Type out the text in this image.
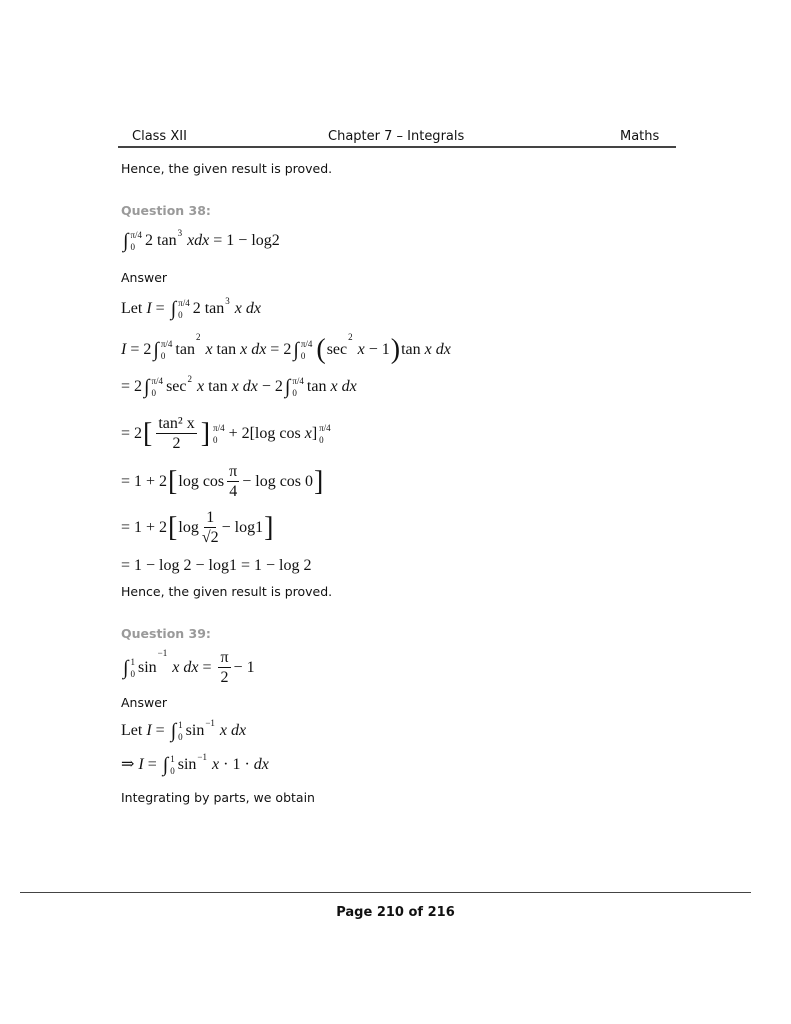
Class XII	Chapter 7 – Integrals	Maths
Hence, the given result is proved.
Question 38:
∫ π/4
0 2 tan 3 xdx = 1 − log2
Answer
Let I = ∫ π/4
0 2 tan 3 x dx
I = 2 ∫ π/4
0 tan
2
x tan x dx = 2 ∫ π/4
0 ( sec
2
x − 1 ) tan x dx
= 2 ∫ π/4
0 sec 2 x tan x dx − 2 ∫ π/4
0 tan x dx
= 2 [ $\frac{\text{tan² x}}{2}$ ] π/4
0 + 2[log cos x ] π/4
0
= 1 + 2 [ $\log \cos \frac{\pi}{4} - \log \cos 0$ ]
= 1 + 2 [ $\log \frac{1}{√2} - \log 1$ ]
= 1 − log 2 − log1 = 1 − log 2
Hence, the given result is proved.
Question 39:
∫ 1
0 sin
−1
x dx = $\frac{\pi}{2} - 1$
Answer
Let I = ∫ 1
0 sin −1 x dx
⇒ I = ∫ 1
0 sin −1 x · 1 · dx
Integrating by parts, we obtain
Page 210 of 216
